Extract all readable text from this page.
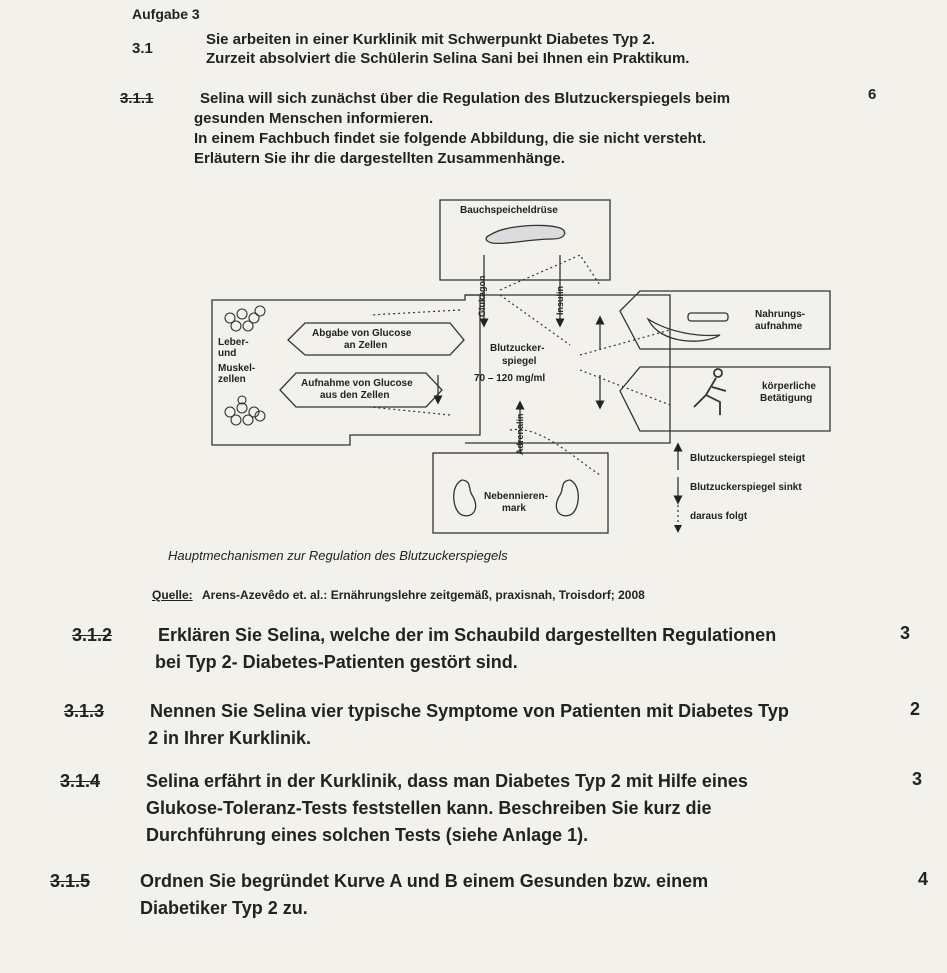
Aufgabe 3
3.1
Sie arbeiten in einer Kurklinik mit Schwerpunkt Diabetes Typ 2.
Zurzeit absolviert die Schülerin Selina Sani bei Ihnen ein Praktikum.
3.1.1	Selina will sich zunächst über die Regulation des Blutzuckerspiegels beim
gesunden Menschen informieren.
In einem Fachbuch findet sie folgende Abbildung, die sie nicht versteht.
Erläutern Sie ihr die dargestellten Zusammenhänge.
6
Bauchspeicheldrüse
Glukagon	Insulin
Adrenalin
Leber-
und
Muskel-
zellen
Abgabe von Glucose
an Zellen
Aufnahme von Glucose
aus den Zellen
Blutzucker-
spiegel
70 – 120 mg/ml
Nahrungs-
aufnahme
körperliche
Betätigung
Nebennieren-
mark
Blutzuckerspiegel steigt
Blutzuckerspiegel sinkt
daraus folgt
Hauptmechanismen zur Regulation des Blutzuckerspiegels
Quelle: Arens-Azevêdo et. al.: Ernährungslehre zeitgemäß, praxisnah, Troisdorf; 2008
3.1.2	Erklären Sie Selina, welche der im Schaubild dargestellten Regulationen
bei Typ 2- Diabetes-Patienten gestört sind.
3
3.1.3	Nennen Sie Selina vier typische Symptome von Patienten mit Diabetes Typ
2 in Ihrer Kurklinik.
2
3.1.4	Selina erfährt in der Kurklinik, dass man Diabetes Typ 2 mit Hilfe eines
Glukose-Toleranz-Tests feststellen kann. Beschreiben Sie kurz die
Durchführung eines solchen Tests (siehe Anlage 1).
3
3.1.5	Ordnen Sie begründet Kurve A und B einem Gesunden bzw. einem
Diabetiker Typ 2 zu.
4
